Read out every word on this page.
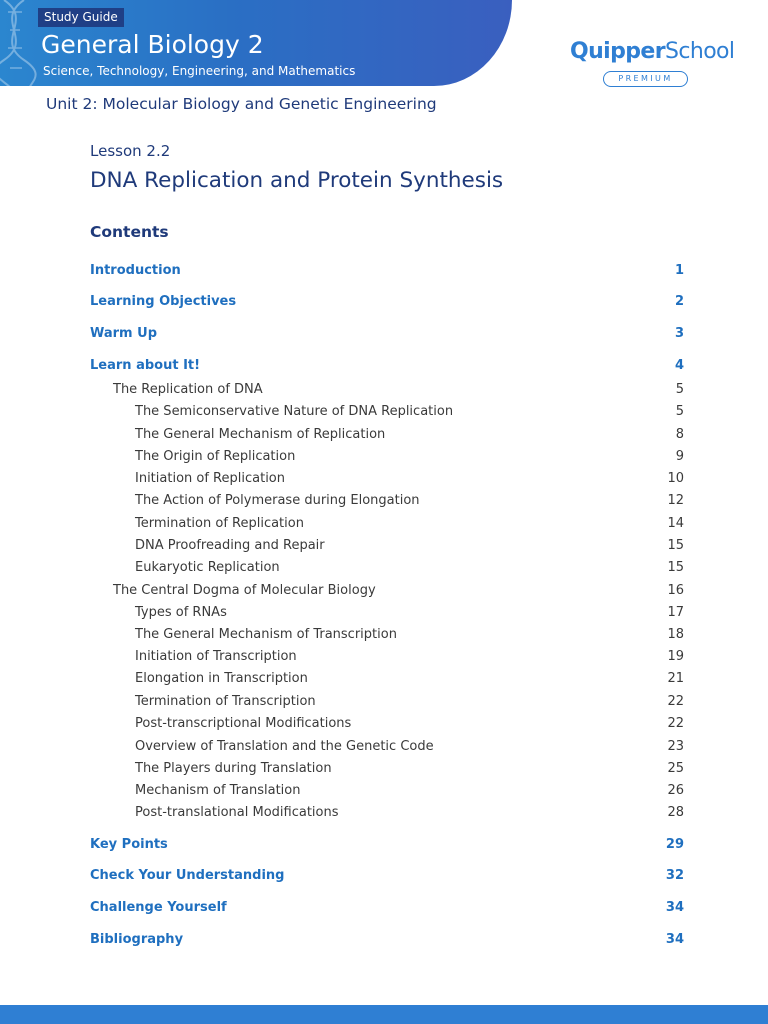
Study Guide
General Biology 2
Science, Technology, Engineering, and Mathematics
QuipperSchool
PREMIUM
Unit 2: Molecular Biology and Genetic Engineering
Lesson 2.2
DNA Replication and Protein Synthesis
Contents
Introduction	1
Learning Objectives	2
Warm Up	3
Learn about It!	4
The Replication of DNA	5
The Semiconservative Nature of DNA Replication	5
The General Mechanism of Replication	8
The Origin of Replication	9
Initiation of Replication	10
The Action of Polymerase during Elongation	12
Termination of Replication	14
DNA Proofreading and Repair	15
Eukaryotic Replication	15
The Central Dogma of Molecular Biology	16
Types of RNAs	17
The General Mechanism of Transcription	18
Initiation of Transcription	19
Elongation in Transcription	21
Termination of Transcription	22
Post-transcriptional Modifications	22
Overview of Translation and the Genetic Code	23
The Players during Translation	25
Mechanism of Translation	26
Post-translational Modifications	28
Key Points	29
Check Your Understanding	32
Challenge Yourself	34
Bibliography	34
